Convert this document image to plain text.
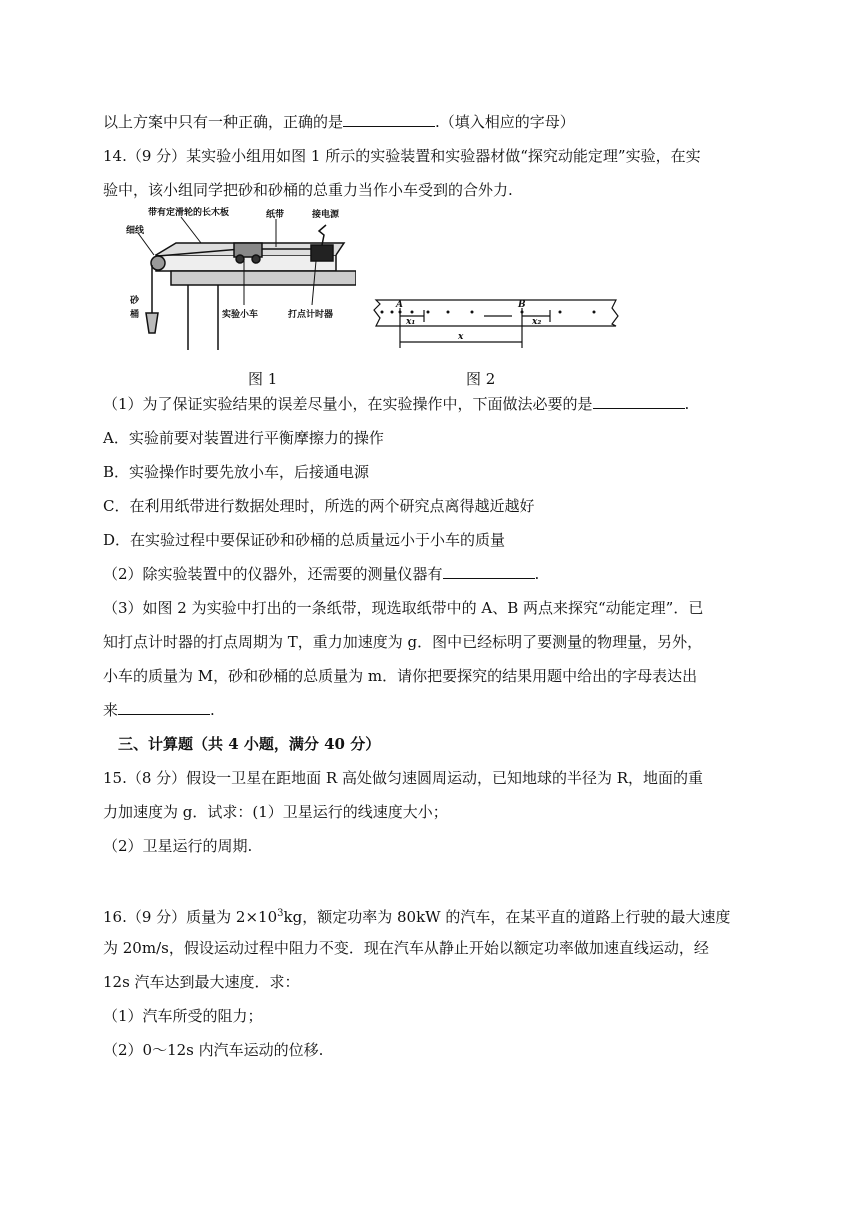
以上方案中只有一种正确，正确的是	.（填入相应的字母）
14.（9 分）某实验小组用如图 1 所示的实验装置和实验器材做“探究动能定理”实验，在实
验中，该小组同学把砂和砂桶的总重力当作小车受到的合外力.
带有定滑轮的长木板	纸带	接电源
细线
砂
桶	实验小车	打点计时器
A	B
x₁	x₂
x
图 1	图 2
（1）为了保证实验结果的误差尽量小，在实验操作中，下面做法必要的是	.
A．实验前要对装置进行平衡摩擦力的操作
B．实验操作时要先放小车，后接通电源
C．在利用纸带进行数据处理时，所选的两个研究点离得越近越好
D．在实验过程中要保证砂和砂桶的总质量远小于小车的质量
（2）除实验装置中的仪器外，还需要的测量仪器有	.
（3）如图 2 为实验中打出的一条纸带，现选取纸带中的 A、B 两点来探究“动能定理”．已
知打点计时器的打点周期为 T，重力加速度为 g．图中已经标明了要测量的物理量，另外，
小车的质量为 M，砂和砂桶的总质量为 m．请你把要探究的结果用题中给出的字母表达出
来	.
三、计算题（共 4 小题，满分 40 分）
15.（8 分）假设一卫星在距地面 R 高处做匀速圆周运动，已知地球的半径为 R，地面的重
力加速度为 g．试求：(1）卫星运行的线速度大小；
（2）卫星运行的周期.
16.（9 分）质量为 $2\times 10^3kg$，额定功率为 80kW 的汽车，在某平直的道路上行驶的最大速度
为 20m/s，假设运动过程中阻力不变．现在汽车从静止开始以额定功率做加速直线运动，经
12s 汽车达到最大速度．求：
（1）汽车所受的阻力；
（2）0～12s 内汽车运动的位移.
